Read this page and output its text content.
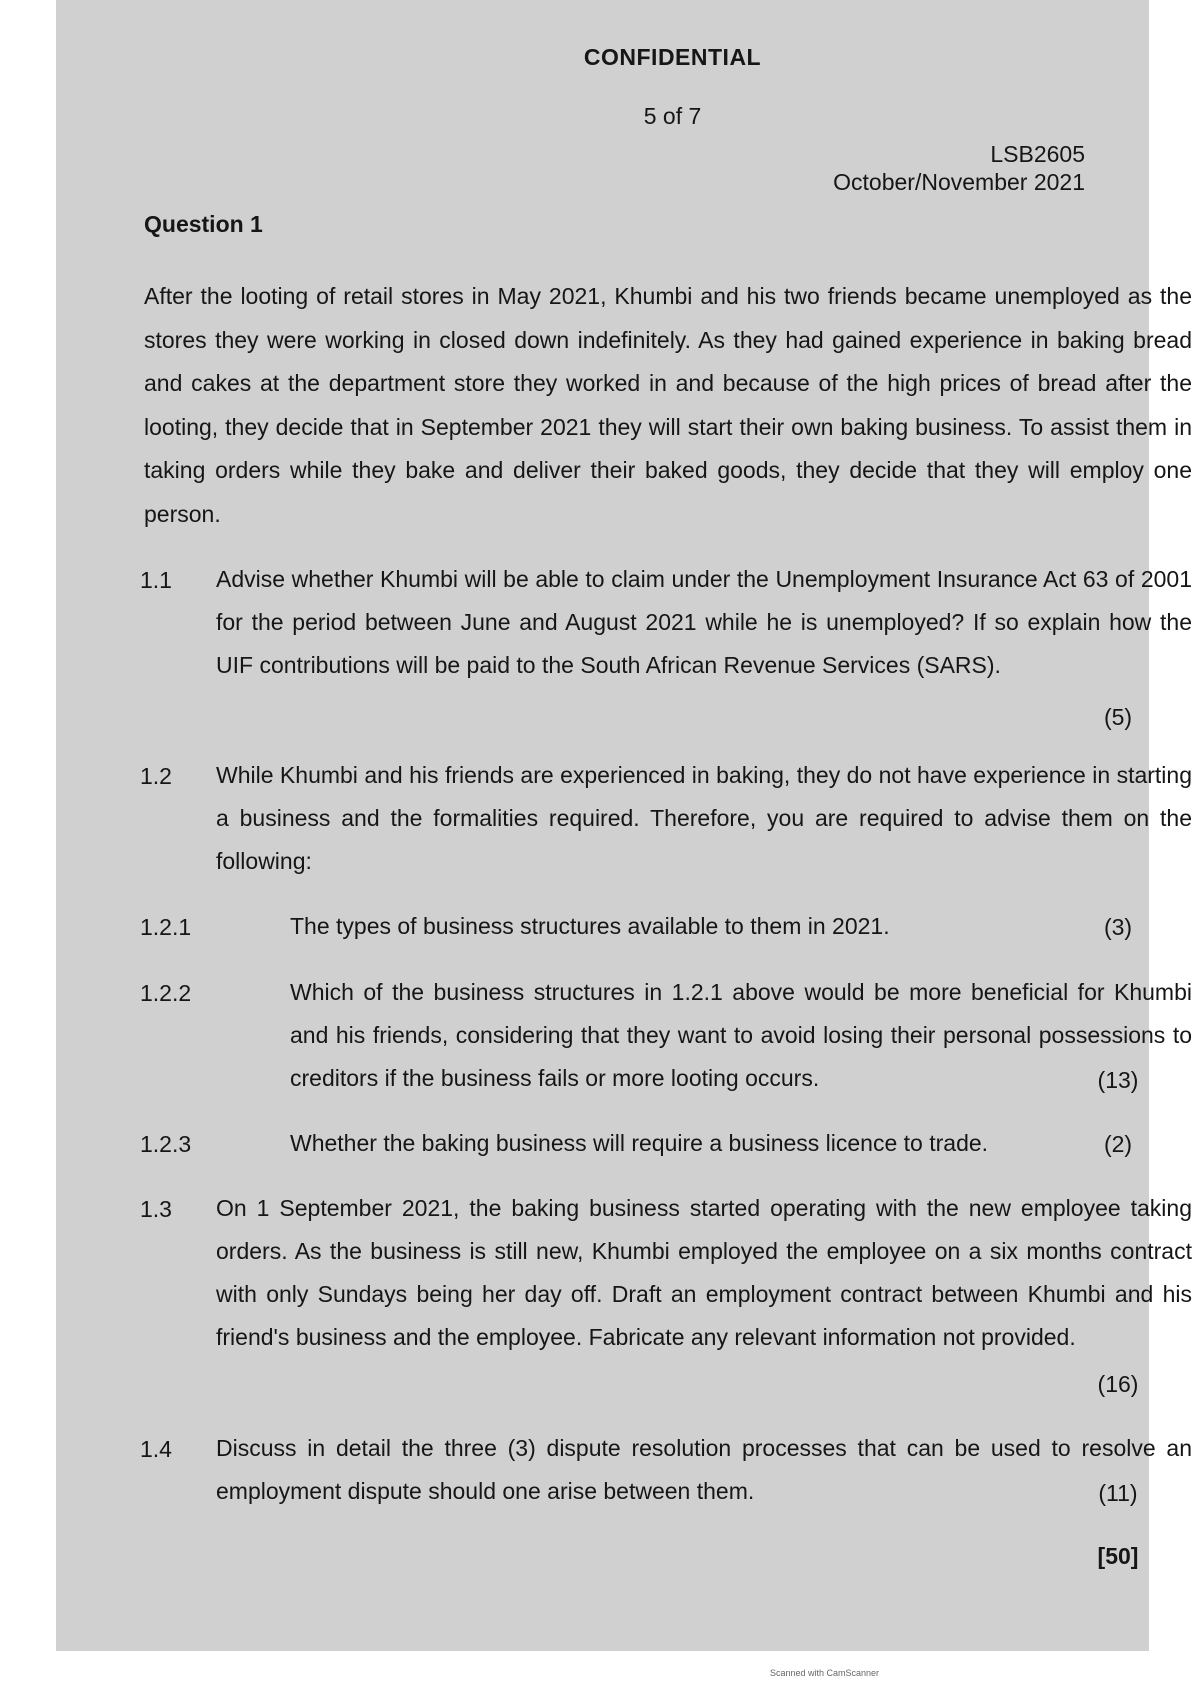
CONFIDENTIAL
5 of 7
LSB2605
October/November 2021
Question 1
After the looting of retail stores in May 2021, Khumbi and his two friends became unemployed as the stores they were working in closed down indefinitely. As they had gained experience in baking bread and cakes at the department store they worked in and because of the high prices of bread after the looting, they decide that in September 2021 they will start their own baking business. To assist them in taking orders while they bake and deliver their baked goods, they decide that they will employ one person.
1.1 Advise whether Khumbi will be able to claim under the Unemployment Insurance Act 63 of 2001 for the period between June and August 2021 while he is unemployed? If so explain how the UIF contributions will be paid to the South African Revenue Services (SARS).
(5)
1.2 While Khumbi and his friends are experienced in baking, they do not have experience in starting a business and the formalities required. Therefore, you are required to advise them on the following:
1.2.1	The types of business structures available to them in 2021.	(3)
1.2.2	Which of the business structures in 1.2.1 above would be more beneficial for Khumbi and his friends, considering that they want to avoid losing their personal possessions to creditors if the business fails or more looting occurs.	(13)
1.2.3	Whether the baking business will require a business licence to trade.	(2)
1.3 On 1 September 2021, the baking business started operating with the new employee taking orders. As the business is still new, Khumbi employed the employee on a six months contract with only Sundays being her day off. Draft an employment contract between Khumbi and his friend's business and the employee. Fabricate any relevant information not provided.
(16)
1.4 Discuss in detail the three (3) dispute resolution processes that can be used to resolve an employment dispute should one arise between them.	(11)
[50]
Scanned with CamScanner
